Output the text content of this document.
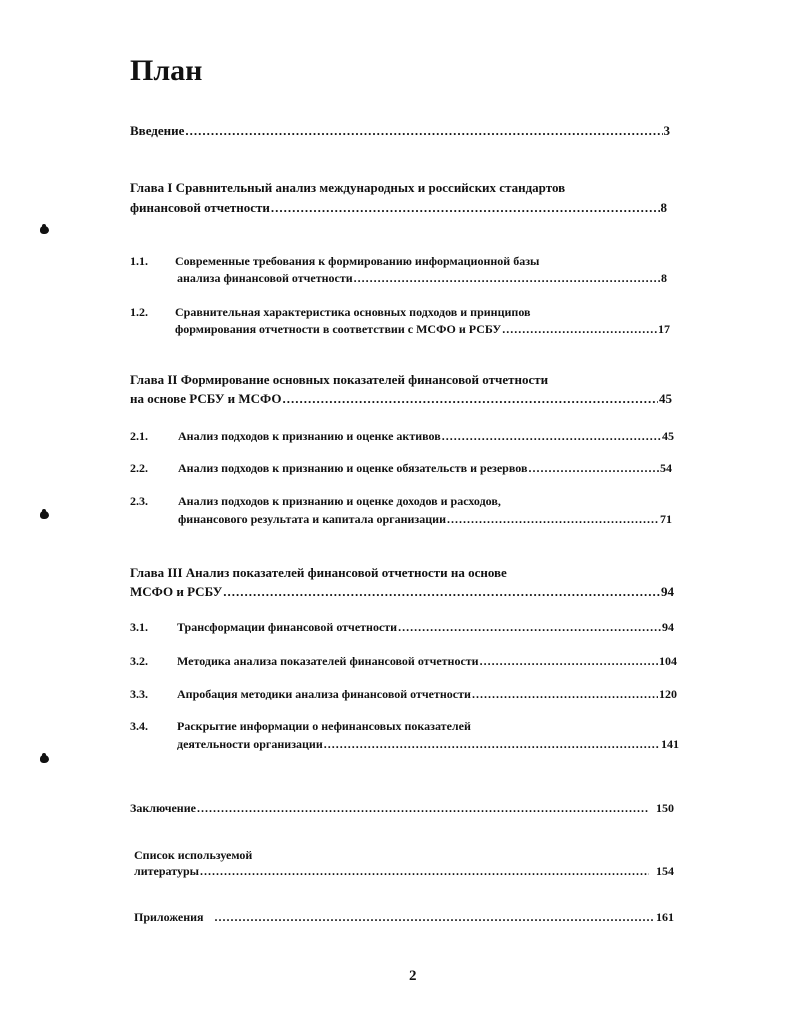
План
Введение .....	3
Глава I Сравнительный анализ международных и российских стандартов
финансовой отчетности .....	8
1.1. Современные требования к формированию информационной базы
анализа финансовой отчетности .....	8
1.2. Сравнительная характеристика основных подходов и принципов
формирования отчетности в соответствии с МСФО и РСБУ .....	17
Глава II Формирование основных показателей финансовой отчетности
на основе РСБУ и МСФО .....	45
2.1.	Анализ подходов к признанию и оценке активов .....	45
2.2.	Анализ подходов к признанию и оценке обязательств и резервов .....	54
2.3.	Анализ подходов к признанию и оценке доходов и расходов,
финансового результата и капитала организации .....	71
Глава III Анализ показателей финансовой отчетности на основе
МСФО и РСБУ .....	94
3.1. Трансформации финансовой отчетности .....	94
3.2. Методика анализа показателей финансовой отчетности .....	104
3.3. Апробация методики анализа финансовой отчетности .....	120
3.4. Раскрытие информации о нефинансовых показателей
деятельности организации .....	141
Заключение .....	150
Список используемой
литературы .....	154
Приложения .....	161
2
